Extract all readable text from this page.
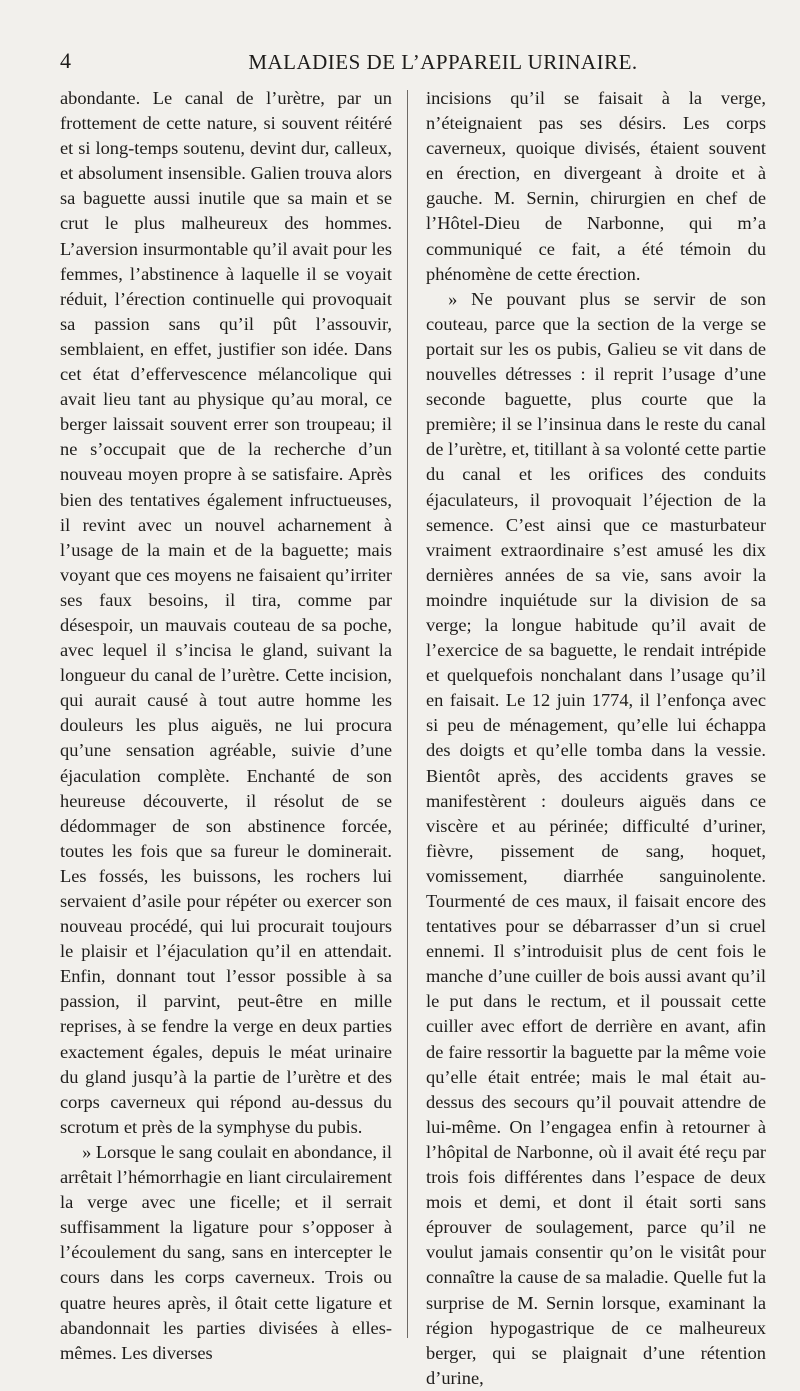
4	MALADIES DE L’APPAREIL URINAIRE.

abondante. Le canal de l’urètre, par un frottement de cette nature, si souvent réitéré et si long-temps soutenu, devint dur, calleux, et absolument insensible. Galien trouva alors sa baguette aussi inutile que sa main et se crut le plus malheureux des hommes. L’aversion insurmontable qu’il avait pour les femmes, l’abstinence à laquelle il se voyait réduit, l’érection continuelle qui provoquait sa passion sans qu’il pût l’assouvir, semblaient, en effet, justifier son idée. Dans cet état d’effervescence mélancolique qui avait lieu tant au physique qu’au moral, ce berger laissait souvent errer son troupeau; il ne s’occupait que de la recherche d’un nouveau moyen propre à se satisfaire. Après bien des tentatives également infructueuses, il revint avec un nouvel acharnement à l’usage de la main et de la baguette; mais voyant que ces moyens ne faisaient qu’irriter ses faux besoins, il tira, comme par désespoir, un mauvais couteau de sa poche, avec lequel il s’incisa le gland, suivant la longueur du canal de l’urètre. Cette incision, qui aurait causé à tout autre homme les douleurs les plus aiguës, ne lui procura qu’une sensation agréable, suivie d’une éjaculation complète. Enchanté de son heureuse découverte, il résolut de se dédommager de son abstinence forcée, toutes les fois que sa fureur le dominerait. Les fossés, les buissons, les rochers lui servaient d’asile pour répéter ou exercer son nouveau procédé, qui lui procurait toujours le plaisir et l’éjaculation qu’il en attendait. Enfin, donnant tout l’essor possible à sa passion, il parvint, peut-être en mille reprises, à se fendre la verge en deux parties exactement égales, depuis le méat urinaire du gland jusqu’à la partie de l’urètre et des corps caverneux qui répond au-dessus du scrotum et près de la symphyse du pubis.

» Lorsque le sang coulait en abondance, il arrêtait l’hémorrhagie en liant circulairement la verge avec une ficelle; et il serrait suffisamment la ligature pour s’opposer à l’écoulement du sang, sans en intercepter le cours dans les corps caverneux. Trois ou quatre heures après, il ôtait cette ligature et abandonnait les parties divisées à elles-mêmes. Les diverses

incisions qu’il se faisait à la verge, n’éteignaient pas ses désirs. Les corps caverneux, quoique divisés, étaient souvent en érection, en divergeant à droite et à gauche. M. Sernin, chirurgien en chef de l’Hôtel-Dieu de Narbonne, qui m’a communiqué ce fait, a été témoin du phénomène de cette érection.

» Ne pouvant plus se servir de son couteau, parce que la section de la verge se portait sur les os pubis, Galieu se vit dans de nouvelles détresses : il reprit l’usage d’une seconde baguette, plus courte que la première; il se l’insinua dans le reste du canal de l’urètre, et, titillant à sa volonté cette partie du canal et les orifices des conduits éjaculateurs, il provoquait l’éjection de la semence. C’est ainsi que ce masturbateur vraiment extraordinaire s’est amusé les dix dernières années de sa vie, sans avoir la moindre inquiétude sur la division de sa verge; la longue habitude qu’il avait de l’exercice de sa baguette, le rendait intrépide et quelquefois nonchalant dans l’usage qu’il en faisait. Le 12 juin 1774, il l’enfonça avec si peu de ménagement, qu’elle lui échappa des doigts et qu’elle tomba dans la vessie. Bientôt après, des accidents graves se manifestèrent : douleurs aiguës dans ce viscère et au périnée; difficulté d’uriner, fièvre, pissement de sang, hoquet, vomissement, diarrhée sanguinolente. Tourmenté de ces maux, il faisait encore des tentatives pour se débarrasser d’un si cruel ennemi. Il s’introduisit plus de cent fois le manche d’une cuiller de bois aussi avant qu’il le put dans le rectum, et il poussait cette cuiller avec effort de derrière en avant, afin de faire ressortir la baguette par la même voie qu’elle était entrée; mais le mal était au-dessus des secours qu’il pouvait attendre de lui-même. On l’engagea enfin à retourner à l’hôpital de Narbonne, où il avait été reçu par trois fois différentes dans l’espace de deux mois et demi, et dont il était sorti sans éprouver de soulagement, parce qu’il ne voulut jamais consentir qu’on le visitât pour connaître la cause de sa maladie. Quelle fut la surprise de M. Sernin lorsque, examinant la région hypogastrique de ce malheureux berger, qui se plaignait d’une rétention d’urine,
